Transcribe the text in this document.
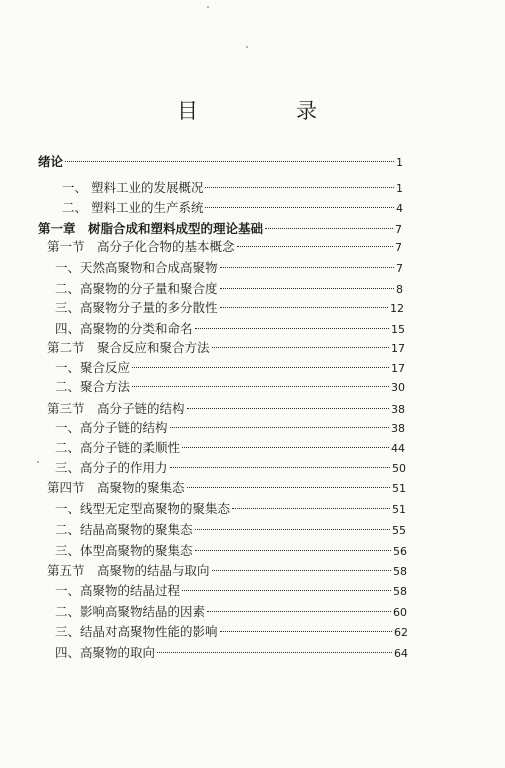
目	录
绪论	1
一、 塑料工业的发展概况	1
二、 塑料工业的生产系统	4
第一章　树脂合成和塑料成型的理论基础	7
第一节　高分子化合物的基本概念	7
一、天然高聚物和合成高聚物	7
二、高聚物的分子量和聚合度	8
三、高聚物分子量的多分散性	12
四、高聚物的分类和命名	15
第二节　聚合反应和聚合方法	17
一、聚合反应	17
二、聚合方法	30
第三节　高分子链的结构	38
一、高分子链的结构	38
二、高分子链的柔顺性	44
三、高分子的作用力	50
第四节　高聚物的聚集态	51
一、线型无定型高聚物的聚集态	51
二、结晶高聚物的聚集态	55
三、体型高聚物的聚集态	56
第五节　高聚物的结晶与取向	58
一、高聚物的结晶过程	58
二、影响高聚物结晶的因素	60
三、结晶对高聚物性能的影响	62
四、高聚物的取向	64
